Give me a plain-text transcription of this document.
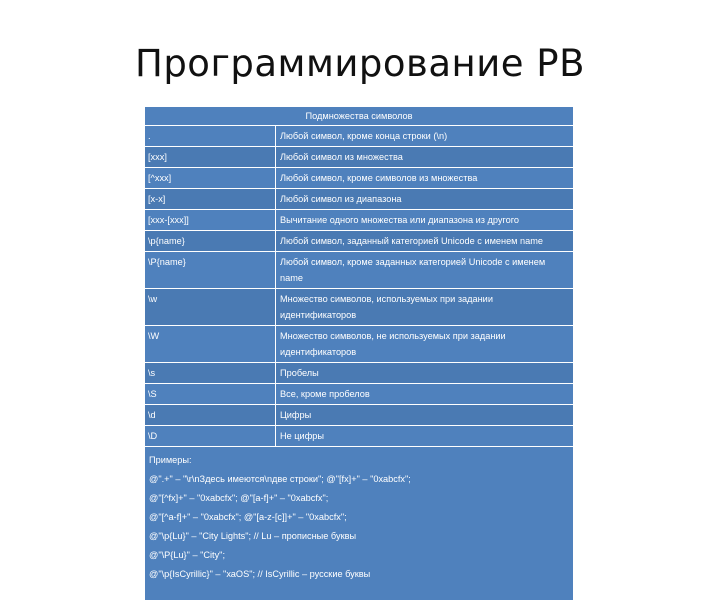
Программирование PB
Подмножества символов
.	Любой символ, кроме конца строки (\n)
[xxx]	Любой символ из множества
[^xxx]	Любой символ, кроме символов из множества
[x-x]	Любой символ из диапазона
[xxx-[xxx]]	Вычитание одного множества или диапазона из другого
\p{name}	Любой символ, заданный категорией Unicode с именем name
\P{name}	Любой символ, кроме заданных категорией Unicode с именем name
\w	Множество символов, используемых при задании идентификаторов
\W	Множество символов, не используемых при задании идентификаторов
\s	Пробелы
\S	Все, кроме пробелов
\d	Цифры
\D	Не цифры
Примеры:
@".+" – "\r\nЗдесь имеются\nдве строки"; @"[fx]+" – "0xabcfx";
@"[^fx]+" – "0xabcfx"; @"[a-f]+" – "0xabcfx";
@"[^a-f]+" – "0xabcfx"; @"[a-z-[c]]+" – "0xabcfx";
@"\p{Lu}" – "City Lights"; // Lu – прописные буквы
@"\P{Lu}" – "City";
@"\p{IsCyrillic}" – "хаOS"; // IsCyrillic – русские буквы
